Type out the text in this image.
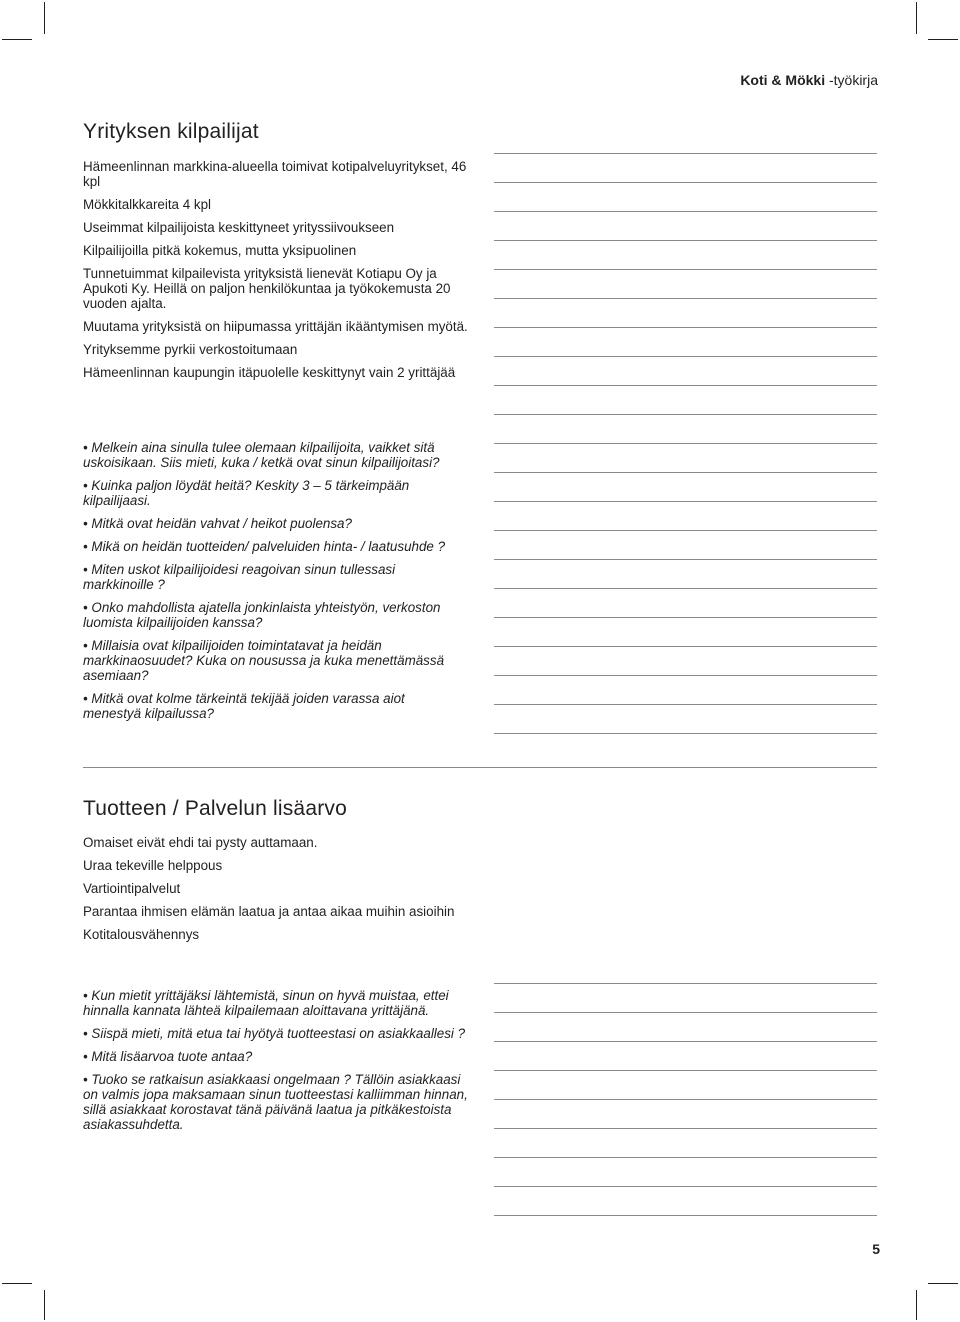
Koti & Mökki -työkirja
Yrityksen kilpailijat

Hämeenlinnan markkina-alueella toimivat kotipalveluyritykset, 46 kpl

Mökkitalkkareita 4 kpl

Useimmat kilpailijoista keskittyneet yrityssiivoukseen

Kilpailijoilla pitkä kokemus, mutta yksipuolinen

Tunnetuimmat kilpailevista yrityksistä lienevät Kotiapu Oy ja Apukoti Ky. Heillä on paljon henkilökuntaa ja työkokemusta 20 vuoden ajalta.

Muutama yrityksistä on hiipumassa yrittäjän ikääntymisen myötä.

Yrityksemme pyrkii verkostoitumaan

Hämeenlinnan kaupungin itäpuolelle keskittynyt vain 2 yrittäjää

• Melkein aina sinulla tulee olemaan kilpailijoita, vaikket sitä uskoisikaan. Siis mieti, kuka / ketkä ovat sinun kilpailijoitasi?

• Kuinka paljon löydät heitä? Keskity 3 – 5 tärkeimpään kilpailijaasi.

• Mitkä ovat heidän vahvat / heikot puolensa?

• Mikä on heidän tuotteiden/ palveluiden hinta- / laatusuhde ?

• Miten uskot kilpailijoidesi reagoivan sinun tullessasi markkinoille ?

• Onko mahdollista ajatella jonkinlaista yhteistyön, verkoston luomista kilpailijoiden kanssa?

• Millaisia ovat kilpailijoiden toimintatavat ja heidän markkinaosuudet? Kuka on nousussa ja kuka menettämässä asemiaan?

• Mitkä ovat kolme tärkeintä tekijää joiden varassa aiot menestyä kilpailussa?

Tuotteen / Palvelun lisäarvo

Omaiset eivät ehdi tai pysty auttamaan.

Uraa tekeville helppous

Vartiointipalvelut

Parantaa ihmisen elämän laatua ja antaa aikaa muihin asioihin

Kotitalousvähennys

• Kun mietit yrittäjäksi lähtemistä, sinun on hyvä muistaa, ettei hinnalla kannata lähteä kilpailemaan aloittavana yrittäjänä.

• Siispä mieti, mitä etua tai hyötyä tuotteestasi on asiakkaallesi ?

• Mitä lisäarvoa tuote antaa?

• Tuoko se ratkaisun asiakkaasi ongelmaan ? Tällöin asiakkaasi on valmis jopa maksamaan sinun tuotteestasi kalliimman hinnan, sillä asiakkaat korostavat tänä päivänä laatua ja pitkäkestoista asiakassuhdetta.

5
